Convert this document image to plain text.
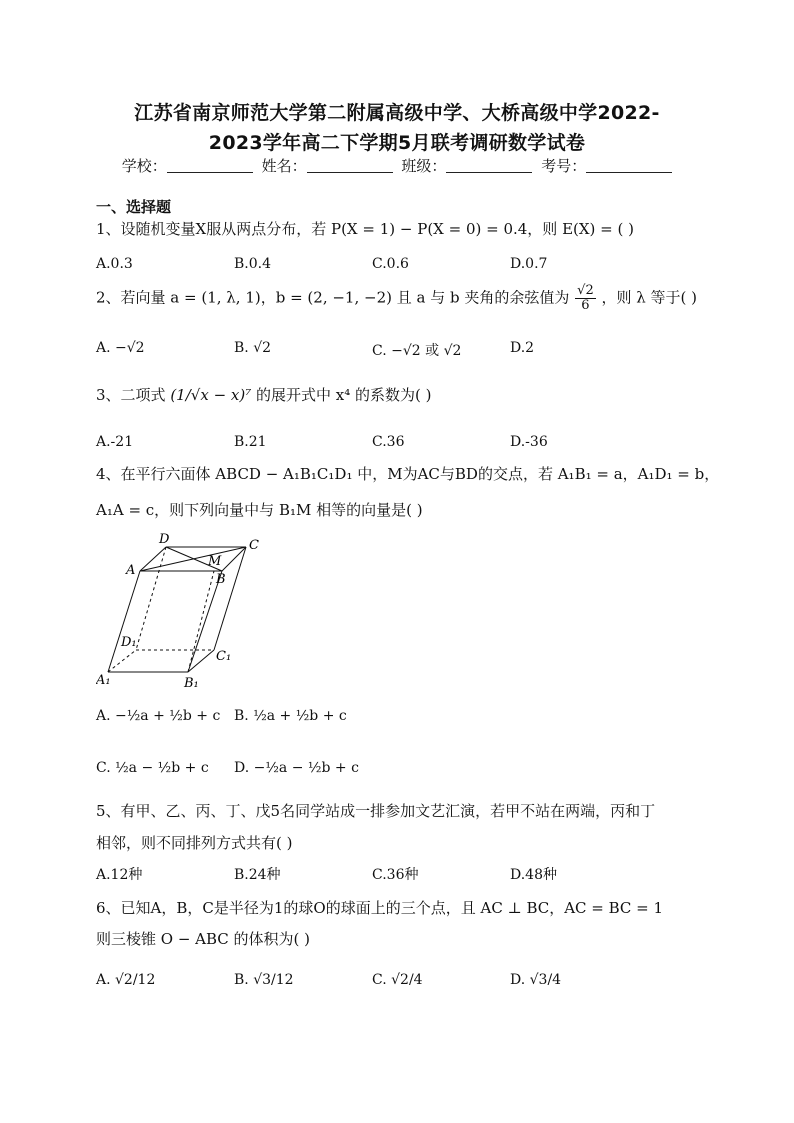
江苏省南京师范大学第二附属高级中学、大桥高级中学2022-
2023学年高二下学期5月联考调研数学试卷
学校：	姓名：	班级：	考号：
一、选择题
1、设随机变量X服从两点分布，若 P(X = 1) − P(X = 0) = 0.4，则 E(X) = ( )
A.0.3	B.0.4	C.0.6	D.0.7
2、若向量 a = (1, λ, 1)，b = (2, −1, −2) 且 a 与 b 夹角的余弦值为 $\frac{√2}{6}$ ，则 λ 等于( )
A. −√2	B. √2	C. −√2 或 √2	D.2
3、二项式 (1/√x − x)⁷ 的展开式中 x⁴ 的系数为( )
A.-21	B.21	C.36	D.-36
4、在平行六面体 ABCD − A₁B₁C₁D₁ 中，M为AC与BD的交点，若 A₁B₁ = a，A₁D₁ = b，
A₁A = c，则下列向量中与 B₁M 相等的向量是( )
D	C
A
M
B
D₁
C₁
A₁	B₁
A. −½a + ½b + c B. ½a + ½b + c
C. ½a − ½b + c D. −½a − ½b + c
5、有甲、乙、丙、丁、戊5名同学站成一排参加文艺汇演，若甲不站在两端，丙和丁
相邻，则不同排列方式共有( )
A.12种	B.24种	C.36种	D.48种
6、已知A，B，C是半径为1的球O的球面上的三个点，且 AC ⊥ BC，AC = BC = 1
则三棱锥 O − ABC 的体积为( )
A. √2/12	B. √3/12	C. √2/4	D. √3/4
